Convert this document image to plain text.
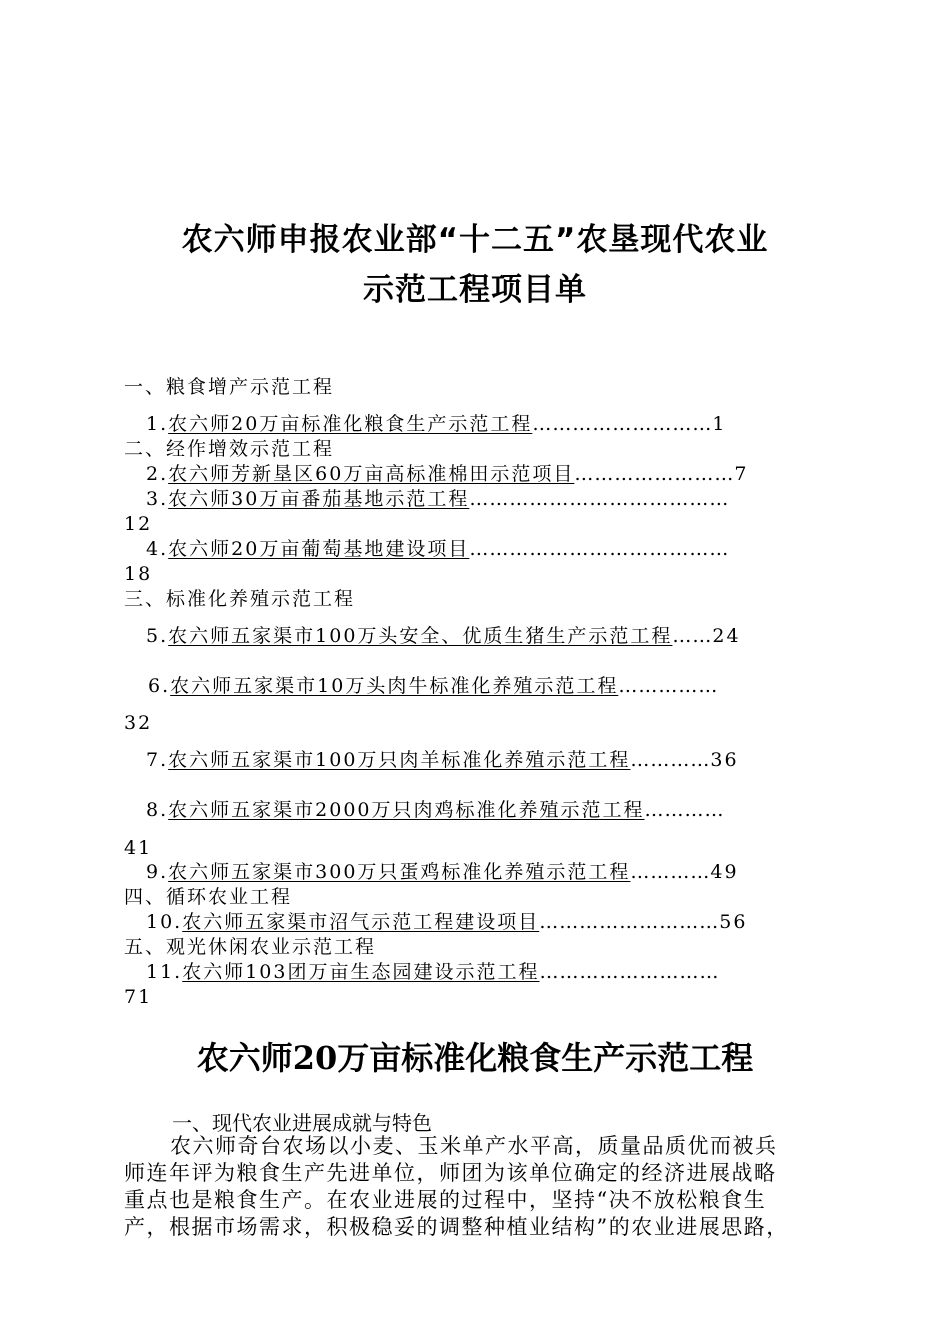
农六师申报农业部“十二五”农垦现代农业
示范工程项目单
一、粮食增产示范工程
1.农六师20万亩标准化粮食生产示范工程………………………1
二、经作增效示范工程
2.农六师芳新垦区60万亩高标准棉田示范项目……………………7
3.农六师30万亩番茄基地示范工程…………………………………
12
4.农六师20万亩葡萄基地建设项目…………………………………
18
三、标准化养殖示范工程
5.农六师五家渠市100万头安全、优质生猪生产示范工程……24
6.农六师五家渠市10万头肉牛标准化养殖示范工程……………
32
7.农六师五家渠市100万只肉羊标准化养殖示范工程…………36
8.农六师五家渠市2000万只肉鸡标准化养殖示范工程…………
41
9.农六师五家渠市300万只蛋鸡标准化养殖示范工程…………49
四、循环农业工程
10.农六师五家渠市沼气示范工程建设项目………………………56
五、观光休闲农业示范工程
11.农六师103团万亩生态园建设示范工程………………………
71
农六师20万亩标准化粮食生产示范工程
一、现代农业进展成就与特色
农六师奇台农场以小麦、玉米单产水平高，质量品质优而被兵
师连年评为粮食生产先进单位，师团为该单位确定的经济进展战略
重点也是粮食生产。在农业进展的过程中，坚持“决不放松粮食生
产，根据市场需求，积极稳妥的调整种植业结构”的农业进展思路，
